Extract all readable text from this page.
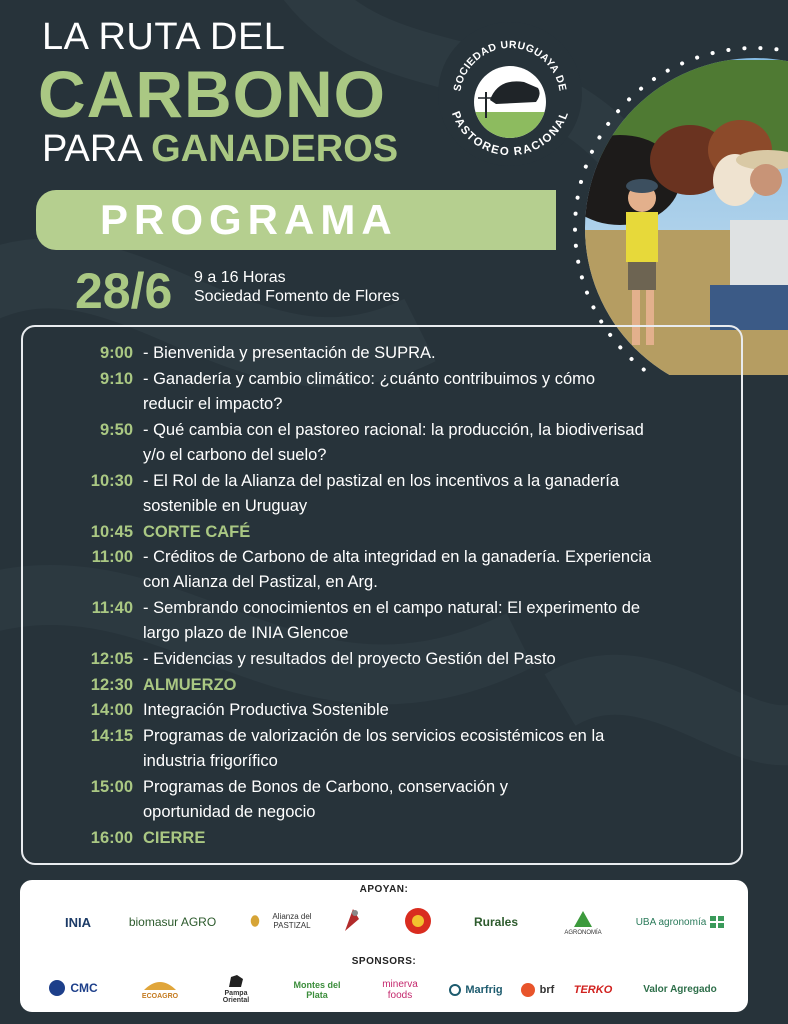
LA RUTA DEL
CARBONO
PARA GANADEROS
SOCIEDAD URUGUAYA DE
PASTOREO RACIONAL
PROGRAMA
28/6 9 a 16 Horas
Sociedad Fomento de Flores
9:00 - Bienvenida y presentación de SUPRA.
9:10 - Ganadería y cambio climático: ¿cuánto contribuimos y cómo
reducir el impacto?
9:50 - Qué cambia con el pastoreo racional: la producción, la biodiverisad
y/o el carbono del suelo?
10:30 - El Rol de la Alianza del pastizal en los incentivos a la ganadería
sostenible en Uruguay
10:45 CORTE CAFÉ
11:00 - Créditos de Carbono de alta integridad en la ganadería. Experiencia
con Alianza del Pastizal, en Arg.
11:40 - Sembrando conocimientos en el campo natural: El experimento de
largo plazo de INIA Glencoe
12:05 - Evidencias y resultados del proyecto Gestión del Pasto
12:30 ALMUERZO
14:00 Integración Productiva Sostenible
14:15 Programas de valorización de los servicios ecosistémicos en la
industria frigorífico
15:00 Programas de Bonos de Carbono, conservación y
oportunidad de negocio
16:00 CIERRE
APOYAN:
INIA	biomasur AGRO	Alianza del PASTIZAL	Rurales
AGRONOMÍA
UBA agronomía
SPONSORS:
CMC
ECOAGRO	Pampa Oriental
Montes del Plata
minerva foods	Marfrig	brf TERKO	Valor Agregado
